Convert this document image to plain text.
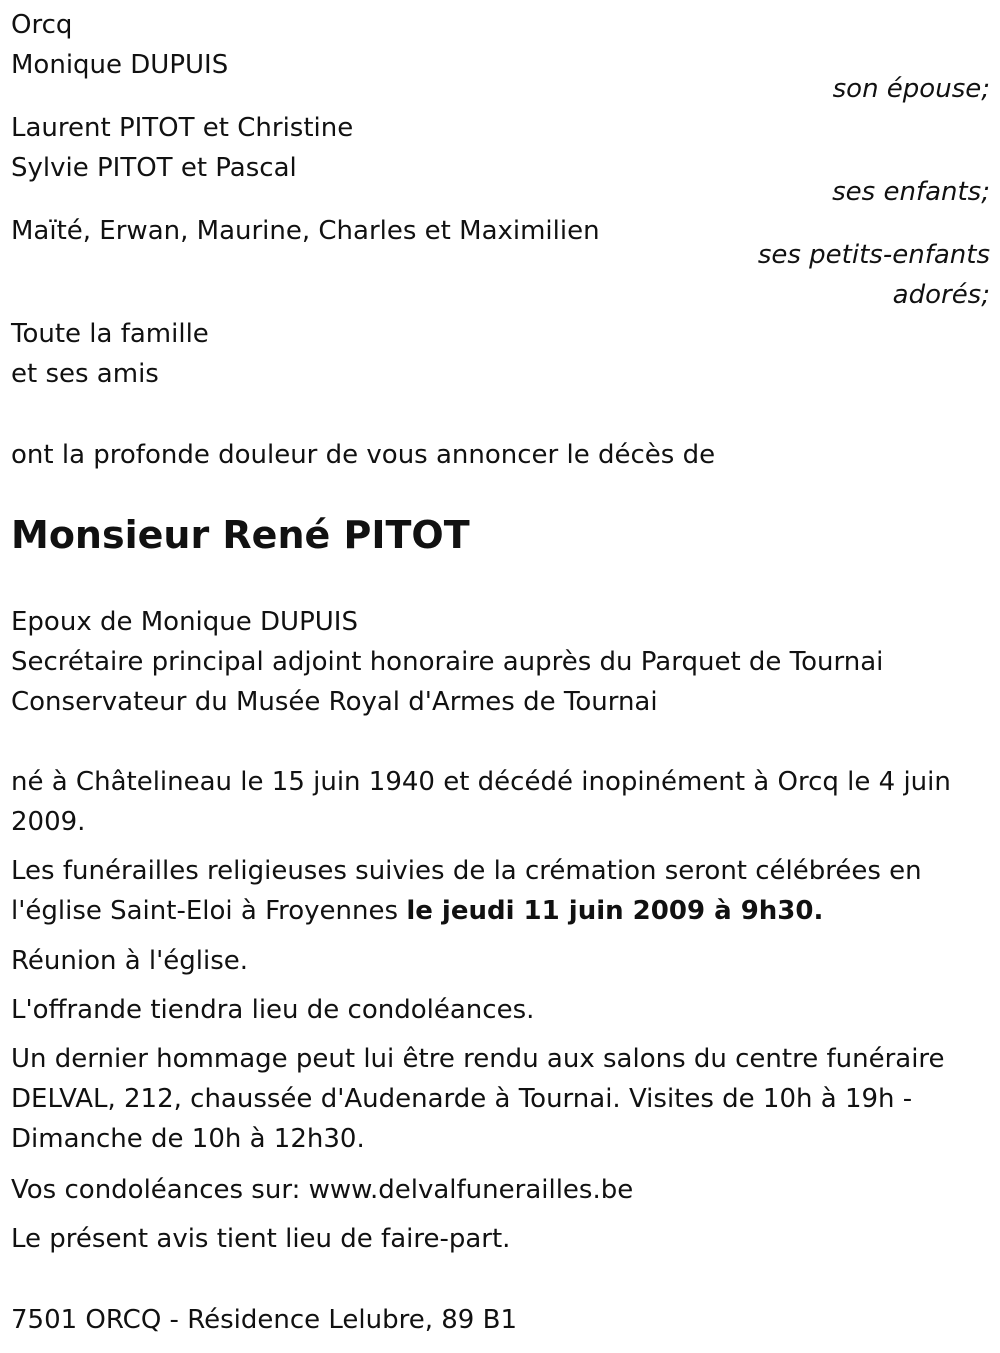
Orcq
Monique DUPUIS
son épouse;
Laurent PITOT et Christine
Sylvie PITOT et Pascal
ses enfants;
Maïté, Erwan, Maurine, Charles et Maximilien
ses petits-enfants
adorés;
Toute la famille
et ses amis
ont la profonde douleur de vous annoncer le décès de
Monsieur René PITOT
Epoux de Monique DUPUIS
Secrétaire principal adjoint honoraire auprès du Parquet de Tournai
Conservateur du Musée Royal d'Armes de Tournai
né à Châtelineau le 15 juin 1940 et décédé inopinément à Orcq le 4 juin
2009.
Les funérailles religieuses suivies de la crémation seront célébrées en
l'église Saint-Eloi à Froyennes le jeudi 11 juin 2009 à 9h30.
Réunion à l'église.
L'offrande tiendra lieu de condoléances.
Un dernier hommage peut lui être rendu aux salons du centre funéraire
DELVAL, 212, chaussée d'Audenarde à Tournai. Visites de 10h à 19h -
Dimanche de 10h à 12h30.
Vos condoléances sur: www.delvalfunerailles.be
Le présent avis tient lieu de faire-part.
7501 ORCQ - Résidence Lelubre, 89 B1
